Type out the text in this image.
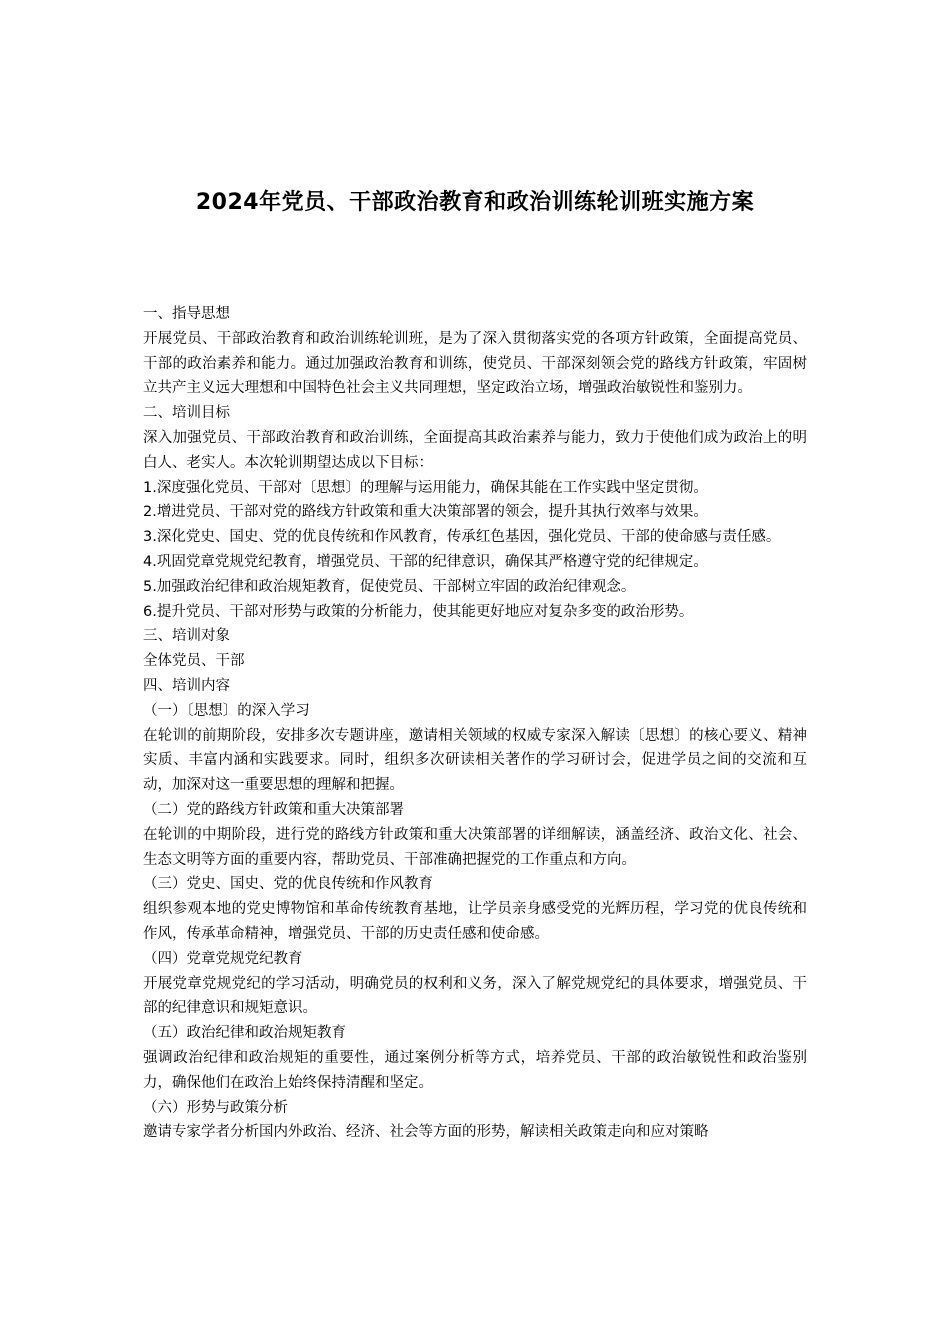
2024年党员、干部政治教育和政治训练轮训班实施方案

一、指导思想

开展党员、干部政治教育和政治训练轮训班，是为了深入贯彻落实党的各项方针政策，全面提高党员、干部的政治素养和能力。通过加强政治教育和训练，使党员、干部深刻领会党的路线方针政策，牢固树立共产主义远大理想和中国特色社会主义共同理想，坚定政治立场，增强政治敏锐性和鉴别力。

二、培训目标

深入加强党员、干部政治教育和政治训练，全面提高其政治素养与能力，致力于使他们成为政治上的明白人、老实人。本次轮训期望达成以下目标：

1.深度强化党员、干部对〔思想〕的理解与运用能力，确保其能在工作实践中坚定贯彻。

2.增进党员、干部对党的路线方针政策和重大决策部署的领会，提升其执行效率与效果。

3.深化党史、国史、党的优良传统和作风教育，传承红色基因，强化党员、干部的使命感与责任感。

4.巩固党章党规党纪教育，增强党员、干部的纪律意识，确保其严格遵守党的纪律规定。

5.加强政治纪律和政治规矩教育，促使党员、干部树立牢固的政治纪律观念。

6.提升党员、干部对形势与政策的分析能力，使其能更好地应对复杂多变的政治形势。

三、培训对象

全体党员、干部

四、培训内容

（一）〔思想〕的深入学习

在轮训的前期阶段，安排多次专题讲座，邀请相关领域的权威专家深入解读〔思想〕的核心要义、精神实质、丰富内涵和实践要求。同时，组织多次研读相关著作的学习研讨会，促进学员之间的交流和互动，加深对这一重要思想的理解和把握。

（二）党的路线方针政策和重大决策部署

在轮训的中期阶段，进行党的路线方针政策和重大决策部署的详细解读，涵盖经济、政治文化、社会、生态文明等方面的重要内容，帮助党员、干部准确把握党的工作重点和方向。

（三）党史、国史、党的优良传统和作风教育

组织参观本地的党史博物馆和革命传统教育基地，让学员亲身感受党的光辉历程，学习党的优良传统和作风，传承革命精神，增强党员、干部的历史责任感和使命感。

（四）党章党规党纪教育

开展党章党规党纪的学习活动，明确党员的权利和义务，深入了解党规党纪的具体要求，增强党员、干部的纪律意识和规矩意识。

（五）政治纪律和政治规矩教育

强调政治纪律和政治规矩的重要性，通过案例分析等方式，培养党员、干部的政治敏锐性和政治鉴别力，确保他们在政治上始终保持清醒和坚定。

（六）形势与政策分析

邀请专家学者分析国内外政治、经济、社会等方面的形势，解读相关政策走向和应对策略
